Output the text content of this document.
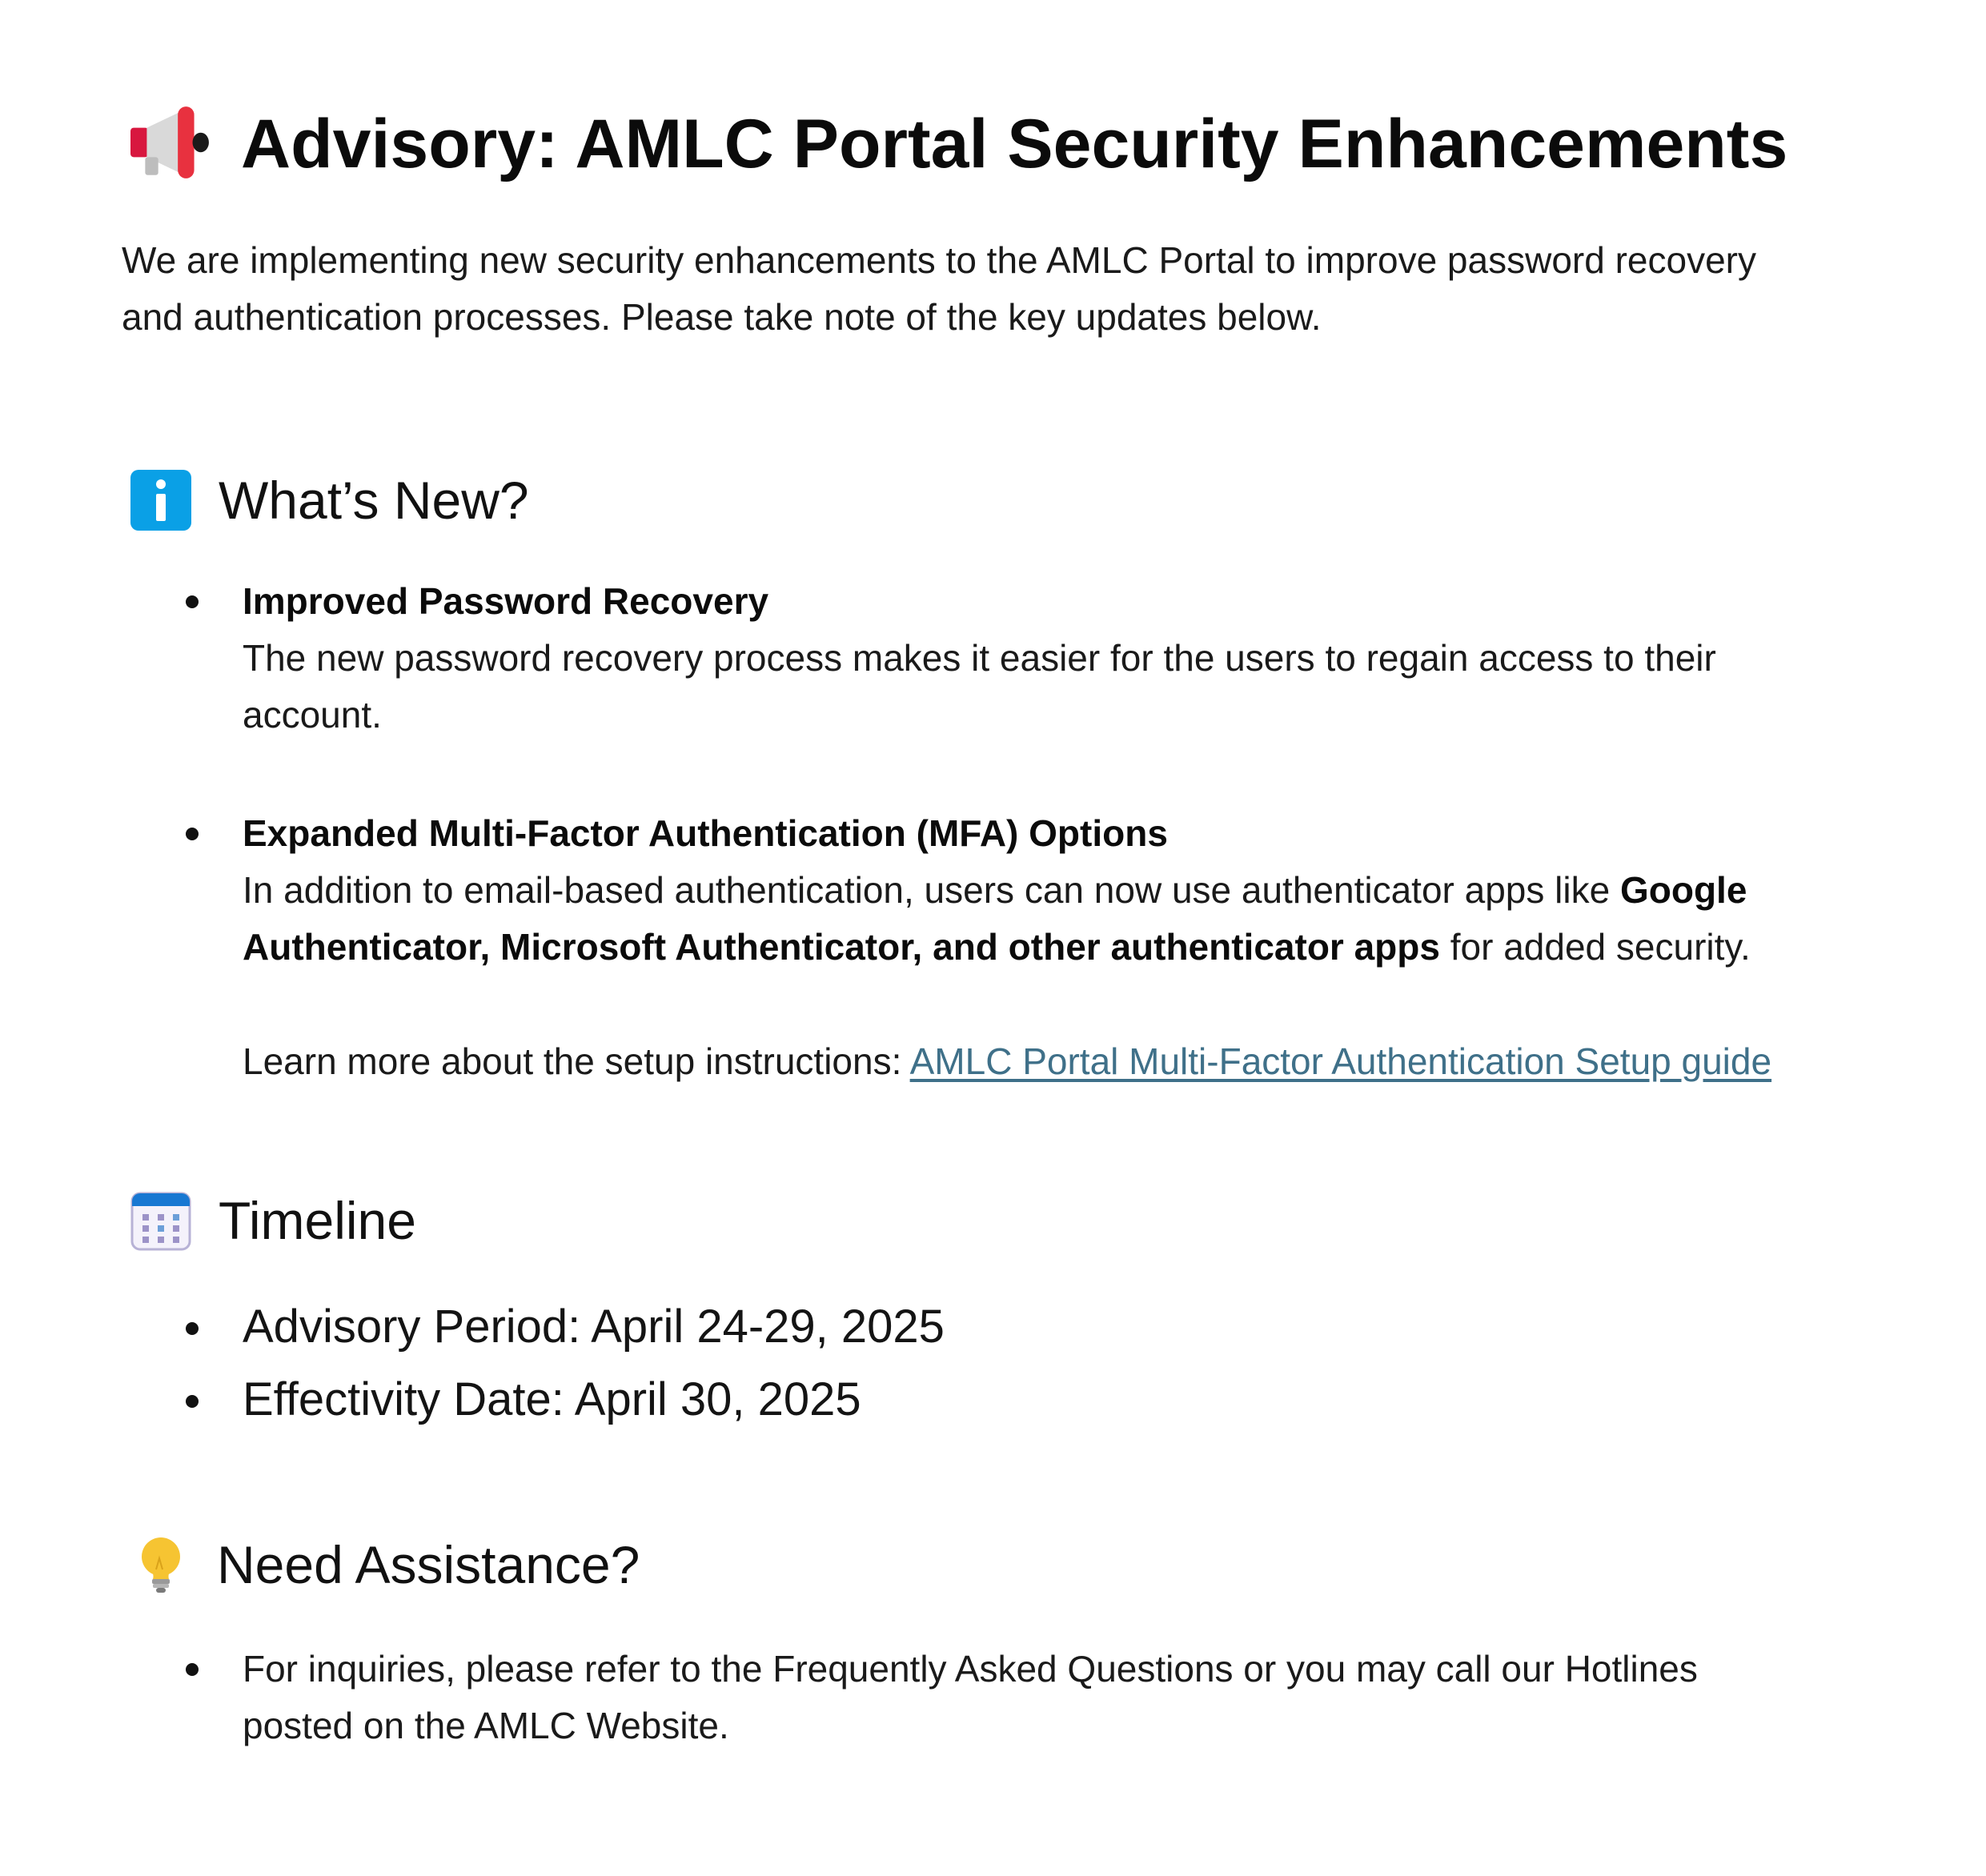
Advisory: AMLC Portal Security Enhancements
We are implementing new security enhancements to the AMLC Portal to improve password recovery
and authentication processes. Please take note of the key updates below.
What’s New?
Improved Password Recovery
The new password recovery process makes it easier for the users to regain access to their
account.
Expanded Multi-Factor Authentication (MFA) Options
In addition to email-based authentication, users can now use authenticator apps like Google
Authenticator, Microsoft Authenticator, and other authenticator apps for added security.
Learn more about the setup instructions: AMLC Portal Multi-Factor Authentication Setup guide
Timeline
Advisory Period: April 24-29, 2025
Effectivity Date: April 30, 2025
Need Assistance?
For inquiries, please refer to the Frequently Asked Questions or you may call our Hotlines
posted on the AMLC Website.
